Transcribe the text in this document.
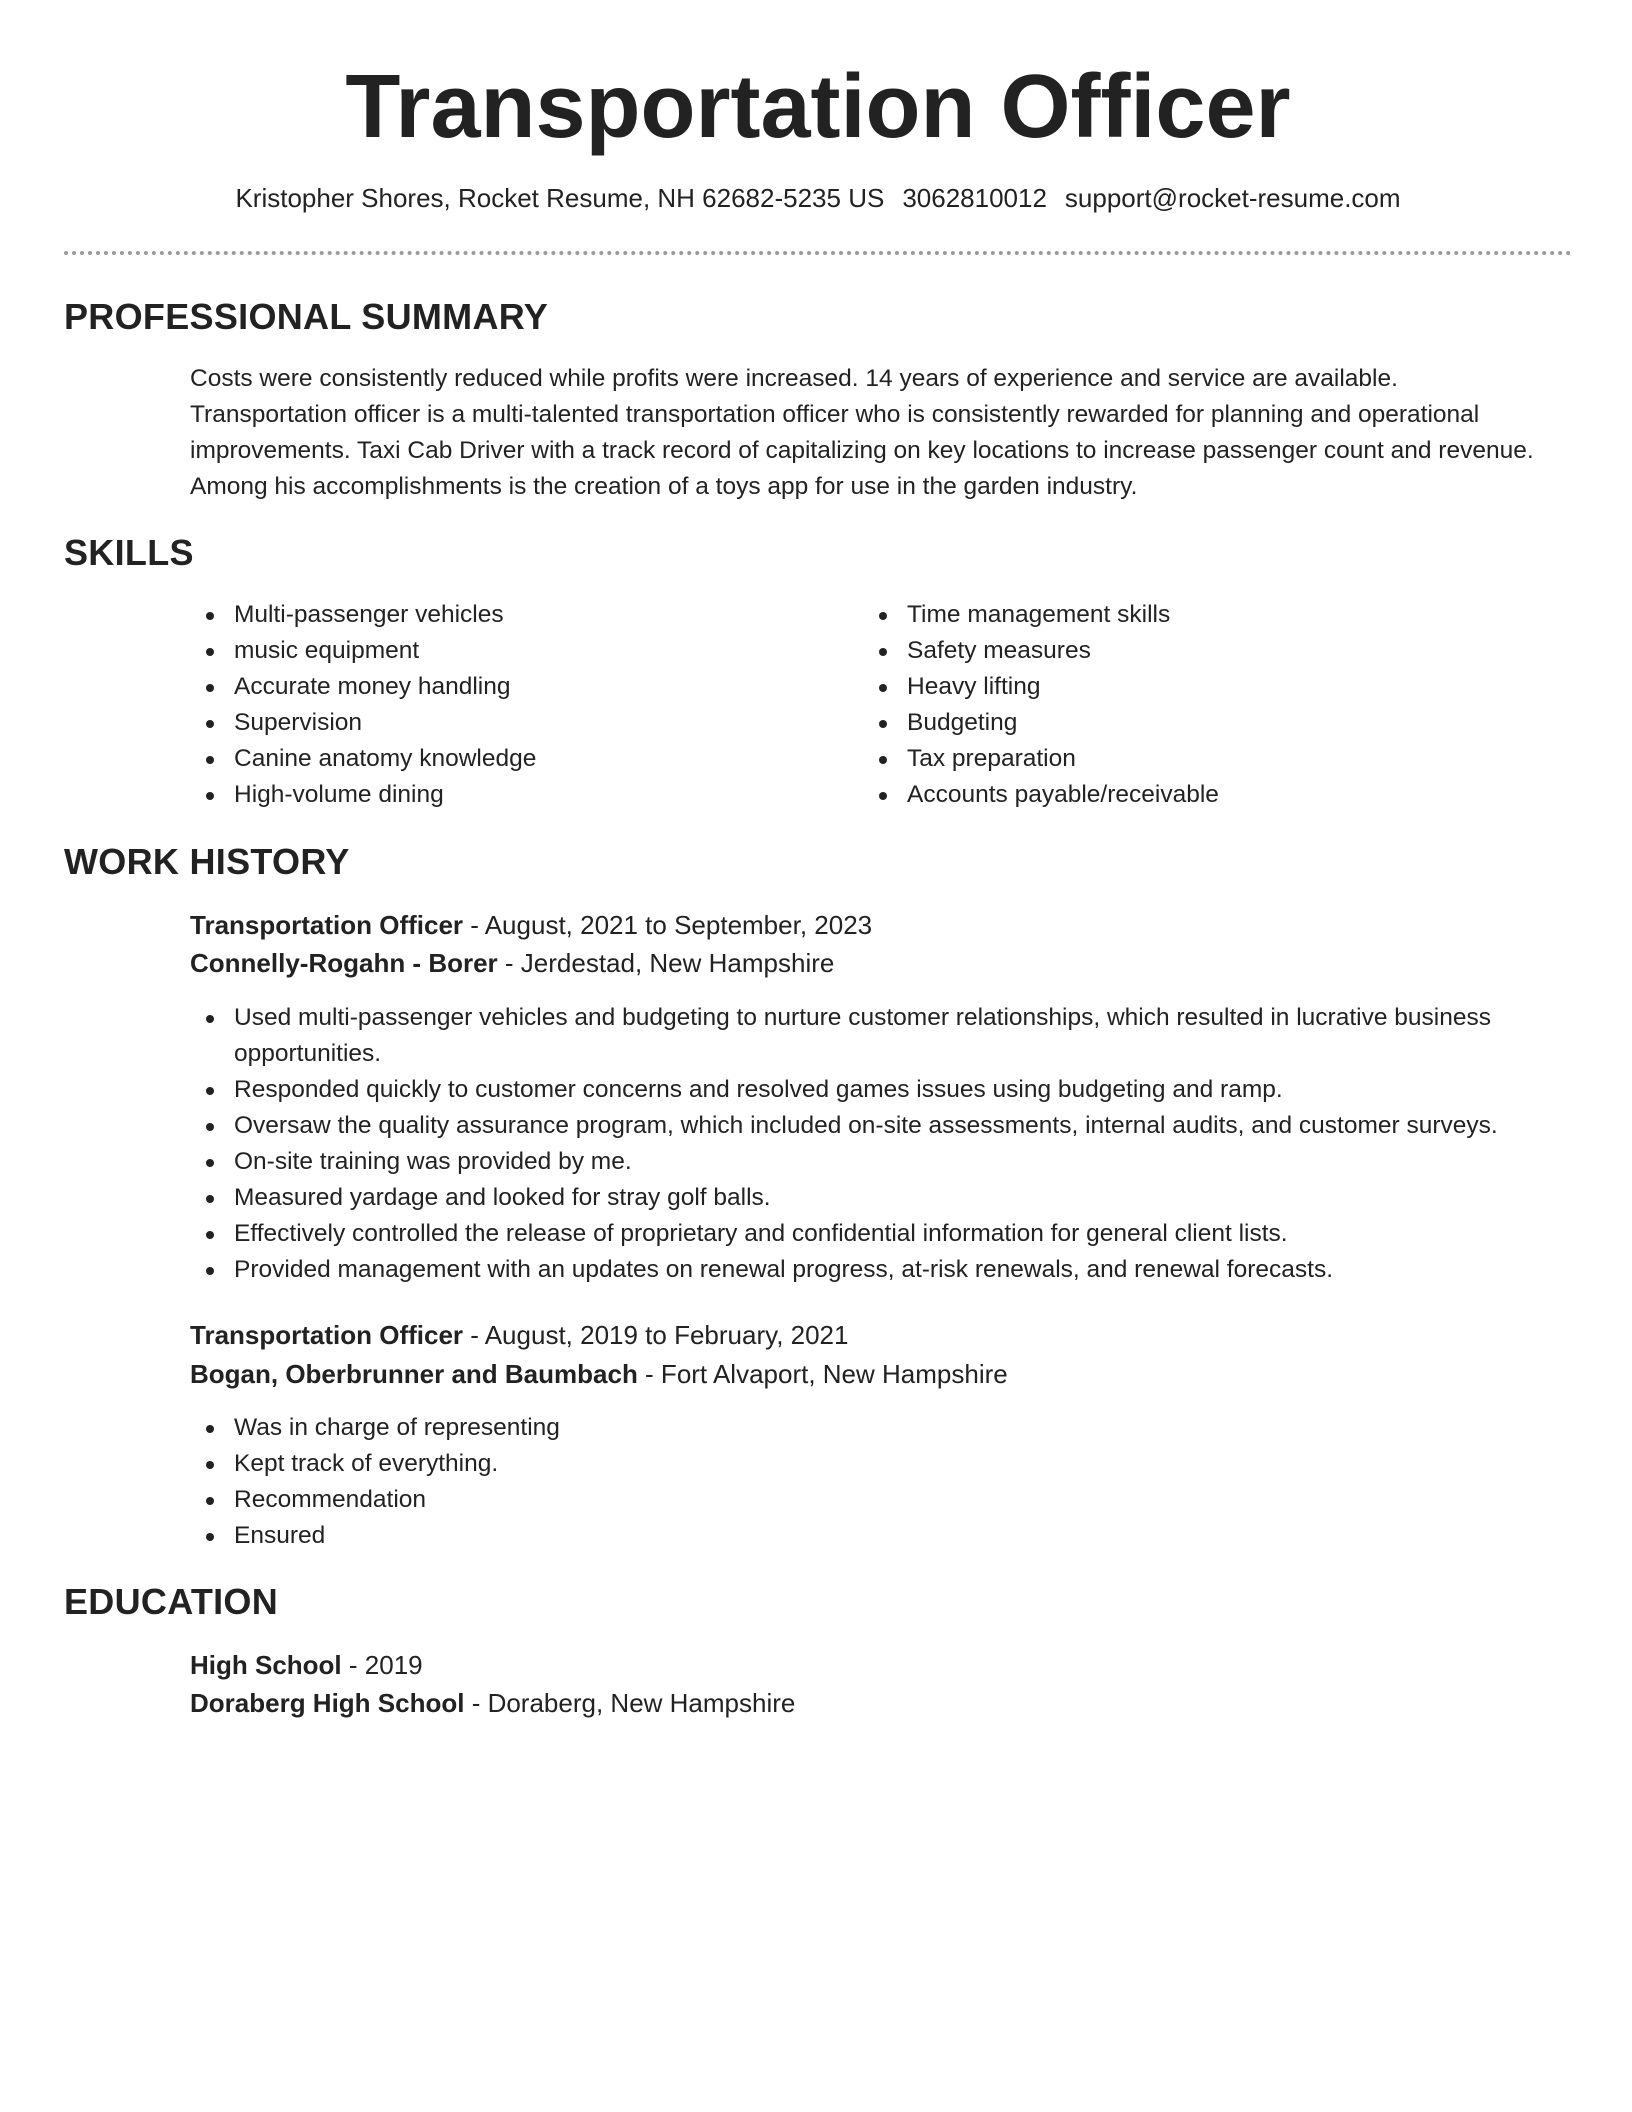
Transportation Officer
Kristopher Shores, Rocket Resume, NH 62682-5235 US 3062810012 support@rocket-resume.com
PROFESSIONAL SUMMARY
Costs were consistently reduced while profits were increased. 14 years of experience and service are available.
Transportation officer is a multi-talented transportation officer who is consistently rewarded for planning and operational
improvements. Taxi Cab Driver with a track record of capitalizing on key locations to increase passenger count and revenue.
Among his accomplishments is the creation of a toys app for use in the garden industry.
SKILLS
Multi-passenger vehicles
music equipment
Accurate money handling
Supervision
Canine anatomy knowledge
High-volume dining
Time management skills
Safety measures
Heavy lifting
Budgeting
Tax preparation
Accounts payable/receivable
WORK HISTORY
Transportation Officer - August, 2021 to September, 2023
Connelly-Rogahn - Borer - Jerdestad, New Hampshire
Used multi-passenger vehicles and budgeting to nurture customer relationships, which resulted in lucrative business
opportunities.
Responded quickly to customer concerns and resolved games issues using budgeting and ramp.
Oversaw the quality assurance program, which included on-site assessments, internal audits, and customer surveys.
On-site training was provided by me.
Measured yardage and looked for stray golf balls.
Effectively controlled the release of proprietary and confidential information for general client lists.
Provided management with an updates on renewal progress, at-risk renewals, and renewal forecasts.
Transportation Officer - August, 2019 to February, 2021
Bogan, Oberbrunner and Baumbach - Fort Alvaport, New Hampshire
Was in charge of representing
Kept track of everything.
Recommendation
Ensured
EDUCATION
High School - 2019
Doraberg High School - Doraberg, New Hampshire
